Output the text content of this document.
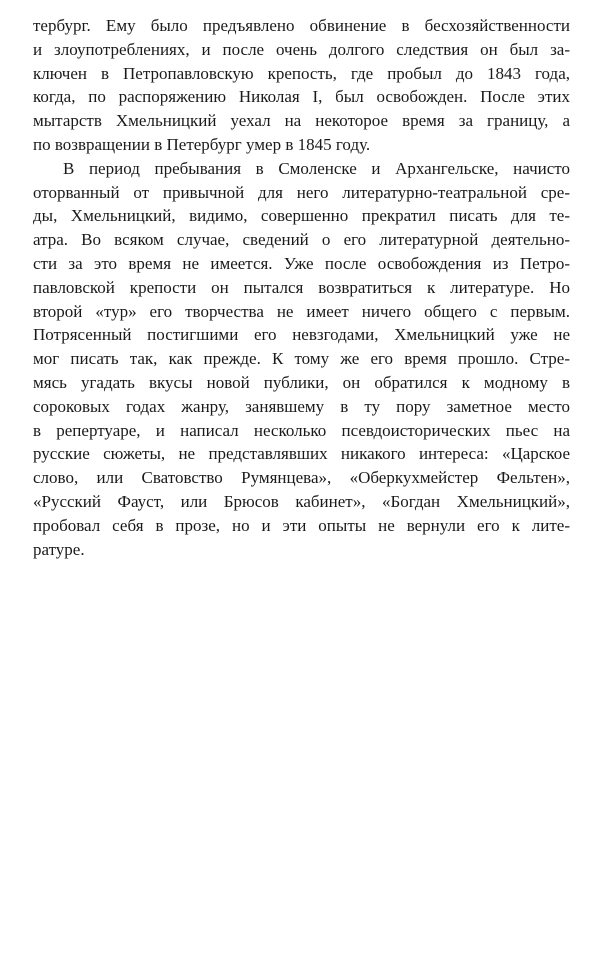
тербург. Ему было предъявлено обвинение в бесхозяйственности
и злоупотреблениях, и после очень долгого следствия он был за-
ключен в Петропавловскую крепость, где пробыл до 1843 года,
когда, по распоряжению Николая I, был освобожден. После этих
мытарств Хмельницкий уехал на некоторое время за границу, а
по возвращении в Петербург умер в 1845 году.
В период пребывания в Смоленске и Архангельске, начисто
оторванный от привычной для него литературно-театральной сре-
ды, Хмельницкий, видимо, совершенно прекратил писать для те-
атра. Во всяком случае, сведений о его литературной деятельно-
сти за это время не имеется. Уже после освобождения из Петро-
павловской крепости он пытался возвратиться к литературе. Но
второй «тур» его творчества не имеет ничего общего с первым.
Потрясенный постигшими его невзгодами, Хмельницкий уже не
мог писать так, как прежде. К тому же его время прошло. Стре-
мясь угадать вкусы новой публики, он обратился к модному в
сороковых годах жанру, занявшему в ту пору заметное место
в репертуаре, и написал несколько псевдоисторических пьес на
русские сюжеты, не представлявших никакого интереса: «Царское
слово, или Сватовство Румянцева», «Оберкухмейстер Фельтен»,
«Русский Фауст, или Брюсов кабинет», «Богдан Хмельницкий»,
пробовал себя в прозе, но и эти опыты не вернули его к лите-
ратуре.
